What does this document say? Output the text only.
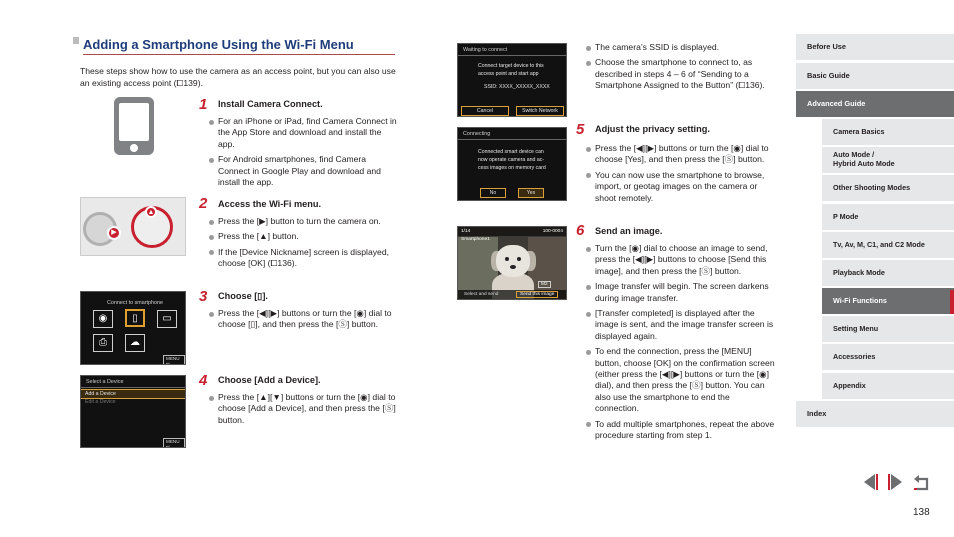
Adding a Smartphone Using the Wi-Fi Menu
These steps show how to use the camera as an access point, but you can also use an existing access point (⧠139).
1 Install Camera Connect.
For an iPhone or iPad, find Camera Connect in the App Store and download and install the app.
For Android smartphones, find Camera Connect in Google Play and download and install the app.
▶
▲
2 Access the Wi-Fi menu.
Press the [▶] button to turn the camera on.
Press the [▲] button.
If the [Device Nickname] screen is displayed, choose [OK] (⧠136).
Connect to smartphone
◉	▯	▭
⎙	☁
MENU ↩
3 Choose [▯].
Press the [◀][▶] buttons or turn the [◉] dial to choose [▯], and then press the [Ⓢ] button.
Select a Device
Add a Device
Edit a Device
MENU ↩
4 Choose [Add a Device].
Press the [▲][▼] buttons or turn the [◉] dial to choose [Add a Device], and then press the [Ⓢ] button.
Waiting to connect
Connect target device to this
access point and start app
SSID: XXXX_XXXXX_XXXX
Cancel	Switch Network
Connecting
Connected smart device can
now operate camera and ac-
cess images on memory card
No	Yes
1/14	100-0004
Smartphone1
M2
Select and send	Send this image
The camera’s SSID is displayed.
Choose the smartphone to connect to, as described in steps 4 – 6 of “Sending to a Smartphone Assigned to the Button” (⧠136).
5 Adjust the privacy setting.
Press the [◀][▶] buttons or turn the [◉] dial to choose [Yes], and then press the [Ⓢ] button.
You can now use the smartphone to browse, import, or geotag images on the camera or shoot remotely.
6 Send an image.
Turn the [◉] dial to choose an image to send, press the [◀][▶] buttons to choose [Send this image], and then press the [Ⓢ] button.
Image transfer will begin. The screen darkens during image transfer.
[Transfer completed] is displayed after the image is sent, and the image transfer screen is displayed again.
To end the connection, press the [MENU] button, choose [OK] on the confirmation screen (either press the [◀][▶] buttons or turn the [◉] dial), and then press the [Ⓢ] button. You can also use the smartphone to end the connection.
To add multiple smartphones, repeat the above procedure starting from step 1.
Before Use
Basic Guide
Advanced Guide
Camera Basics
Auto Mode /
Hybrid Auto Mode
Other Shooting Modes
P Mode
Tv, Av, M, C1, and C2 Mode
Playback Mode
Wi-Fi Functions
Setting Menu
Accessories
Appendix
Index
138
